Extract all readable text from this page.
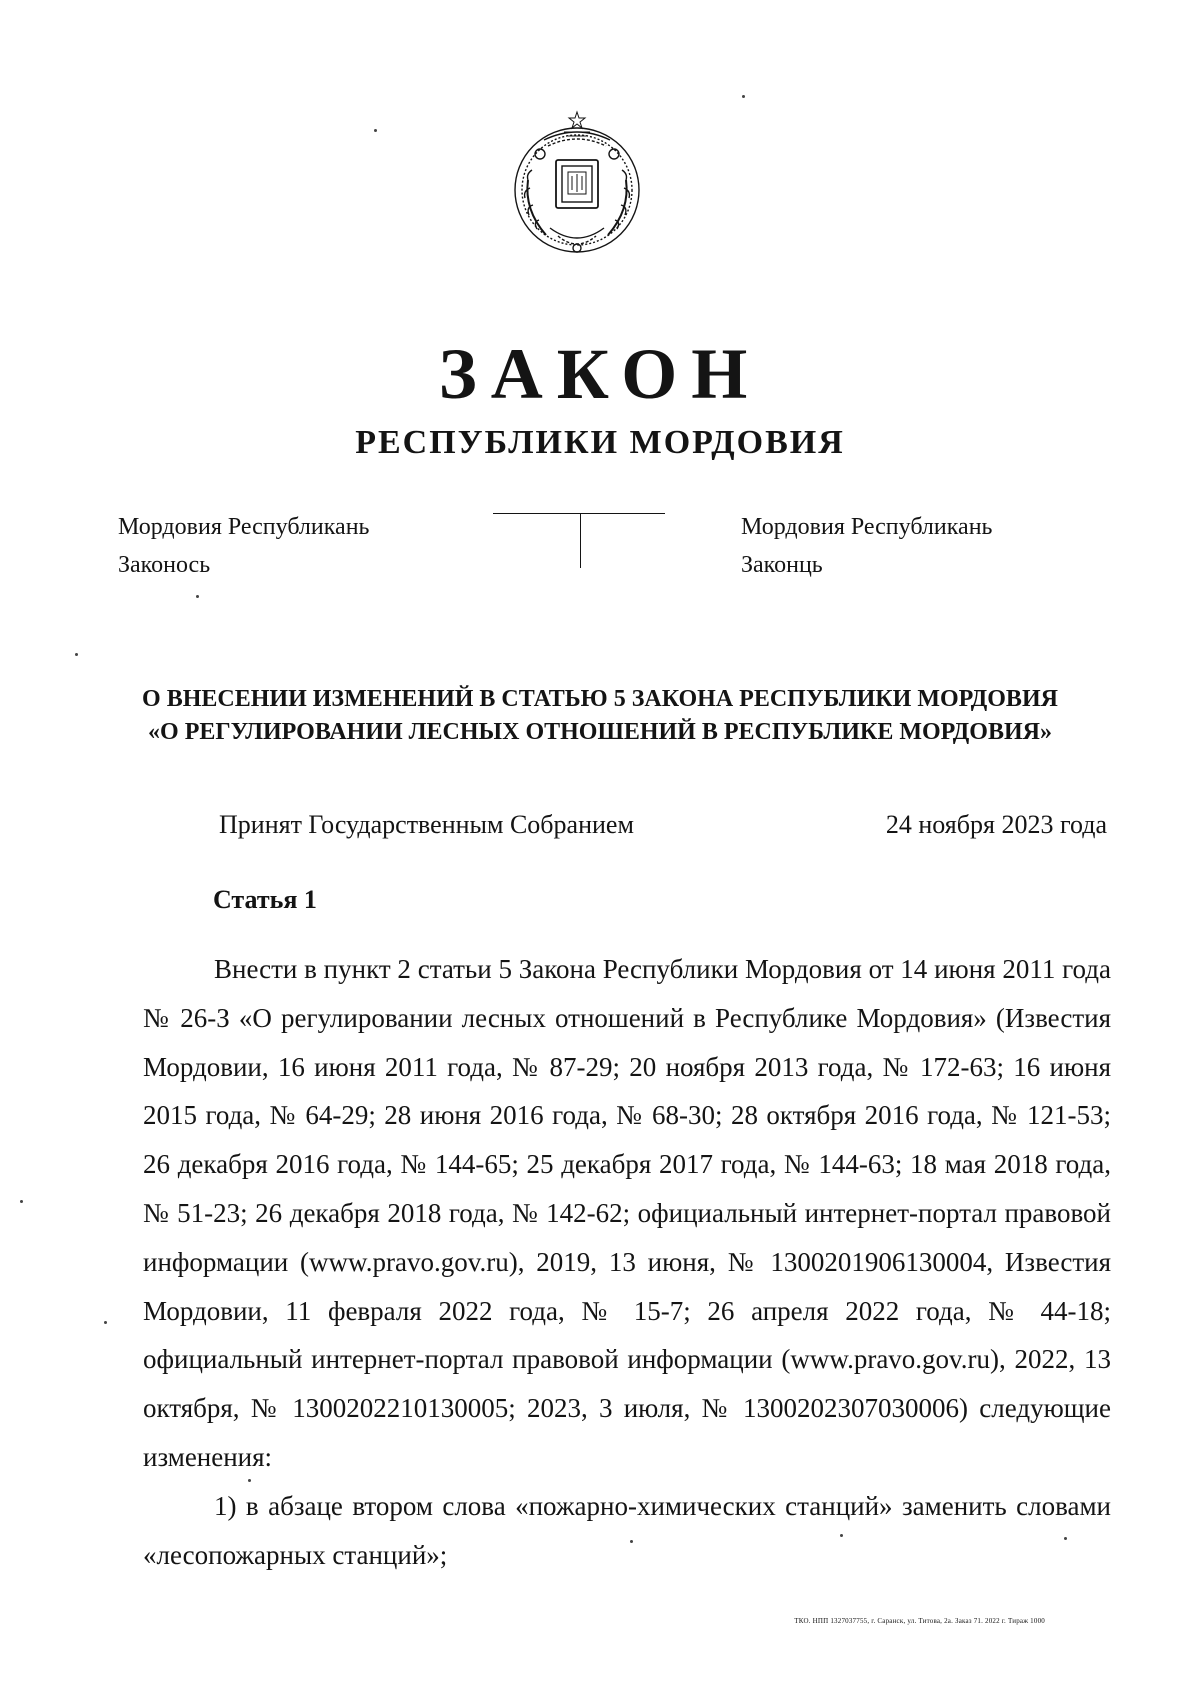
ЗАКОН
РЕСПУБЛИКИ МОРДОВИЯ
Мордовия Республикань
Законось
Мордовия Республикань
Законць
О ВНЕСЕНИИ ИЗМЕНЕНИЙ В СТАТЬЮ 5 ЗАКОНА РЕСПУБЛИКИ МОРДОВИЯ
«О РЕГУЛИРОВАНИИ ЛЕСНЫХ ОТНОШЕНИЙ В РЕСПУБЛИКЕ МОРДОВИЯ»
Принят Государственным Собранием	24 ноября 2023 года
Статья 1

Внести в пункт 2 статьи 5 Закона Республики Мордовия от 14 июня 2011 года № 26-З «О регулировании лесных отношений в Республике Мордовия» (Известия Мордовии, 16 июня 2011 года, № 87-29; 20 ноября 2013 года, № 172-63; 16 июня 2015 года, № 64-29; 28 июня 2016 года, № 68-30; 28 октября 2016 года, № 121-53; 26 декабря 2016 года, № 144-65; 25 декабря 2017 года, № 144-63; 18 мая 2018 года, № 51-23; 26 декабря 2018 года, № 142-62; официальный интернет-портал правовой информации (www.pravo.gov.ru), 2019, 13 июня, № 1300201906130004, Известия Мордовии, 11 февраля 2022 года, № 15-7; 26 апреля 2022 года, № 44-18; официальный интернет-портал правовой информации (www.pravo.gov.ru), 2022, 13 октября, № 1300202210130005; 2023, 3 июля, № 1300202307030006) следующие изменения:

1) в абзаце втором слова «пожарно-химических станций» заменить словами «лесопожарных станций»;

ТКО. НПП 1327037755, г. Саранск, ул. Титова, 2а. Заказ 71. 2022 г. Тираж 1000
